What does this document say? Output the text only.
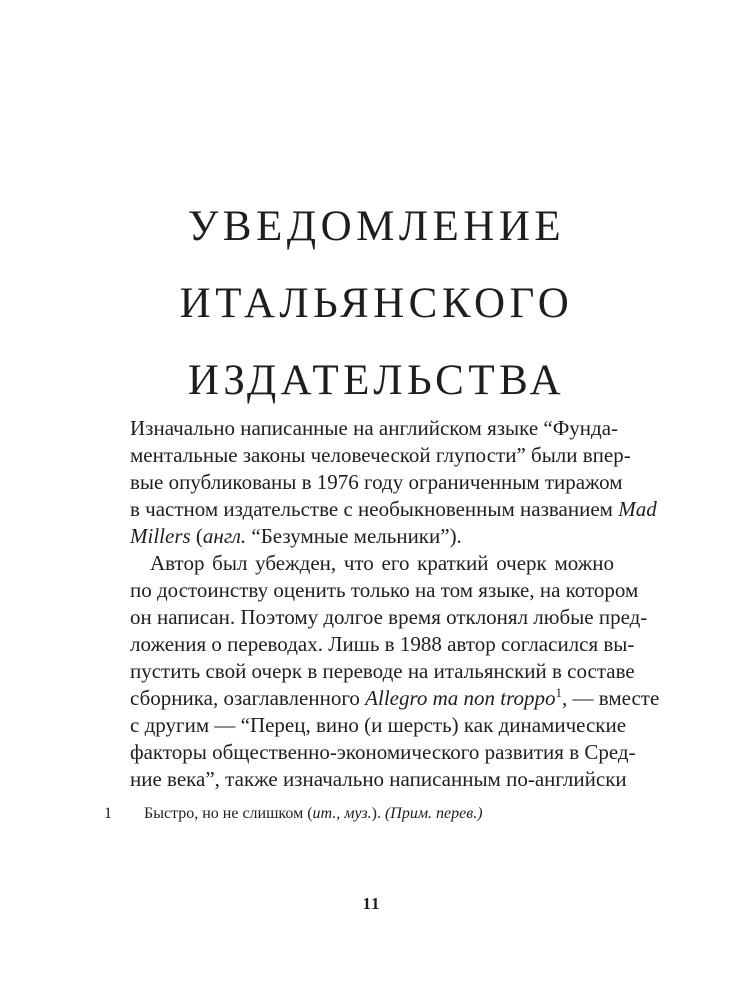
УВЕДОМЛЕНИЕ
ИТАЛЬЯНСКОГО
ИЗДАТЕЛЬСТВА

Изначально написанные на английском языке “Фунда-
ментальные законы человеческой глупости” были впер-
вые опубликованы в 1976 году ограниченным тиражом
в частном издательстве с необыкновенным названием Mad
Millers (англ. “Безумные мельники”).

Автор был убежден, что его краткий очерк можно
по достоинству оценить только на том языке, на котором
он написан. Поэтому долгое время отклонял любые пред-
ложения о переводах. Лишь в 1988 автор согласился вы-
пустить свой очерк в переводе на итальянский в составе
сборника, озаглавленного Allegro ma non troppo$^1$, — вместе
с другим — “Перец, вино (и шерсть) как динамические
факторы общественно-экономического развития в Сред-
ние века”, также изначально написанным по-английски

1 Быстро, но не слишком (ит., муз.). (Прим. перев.)
11
